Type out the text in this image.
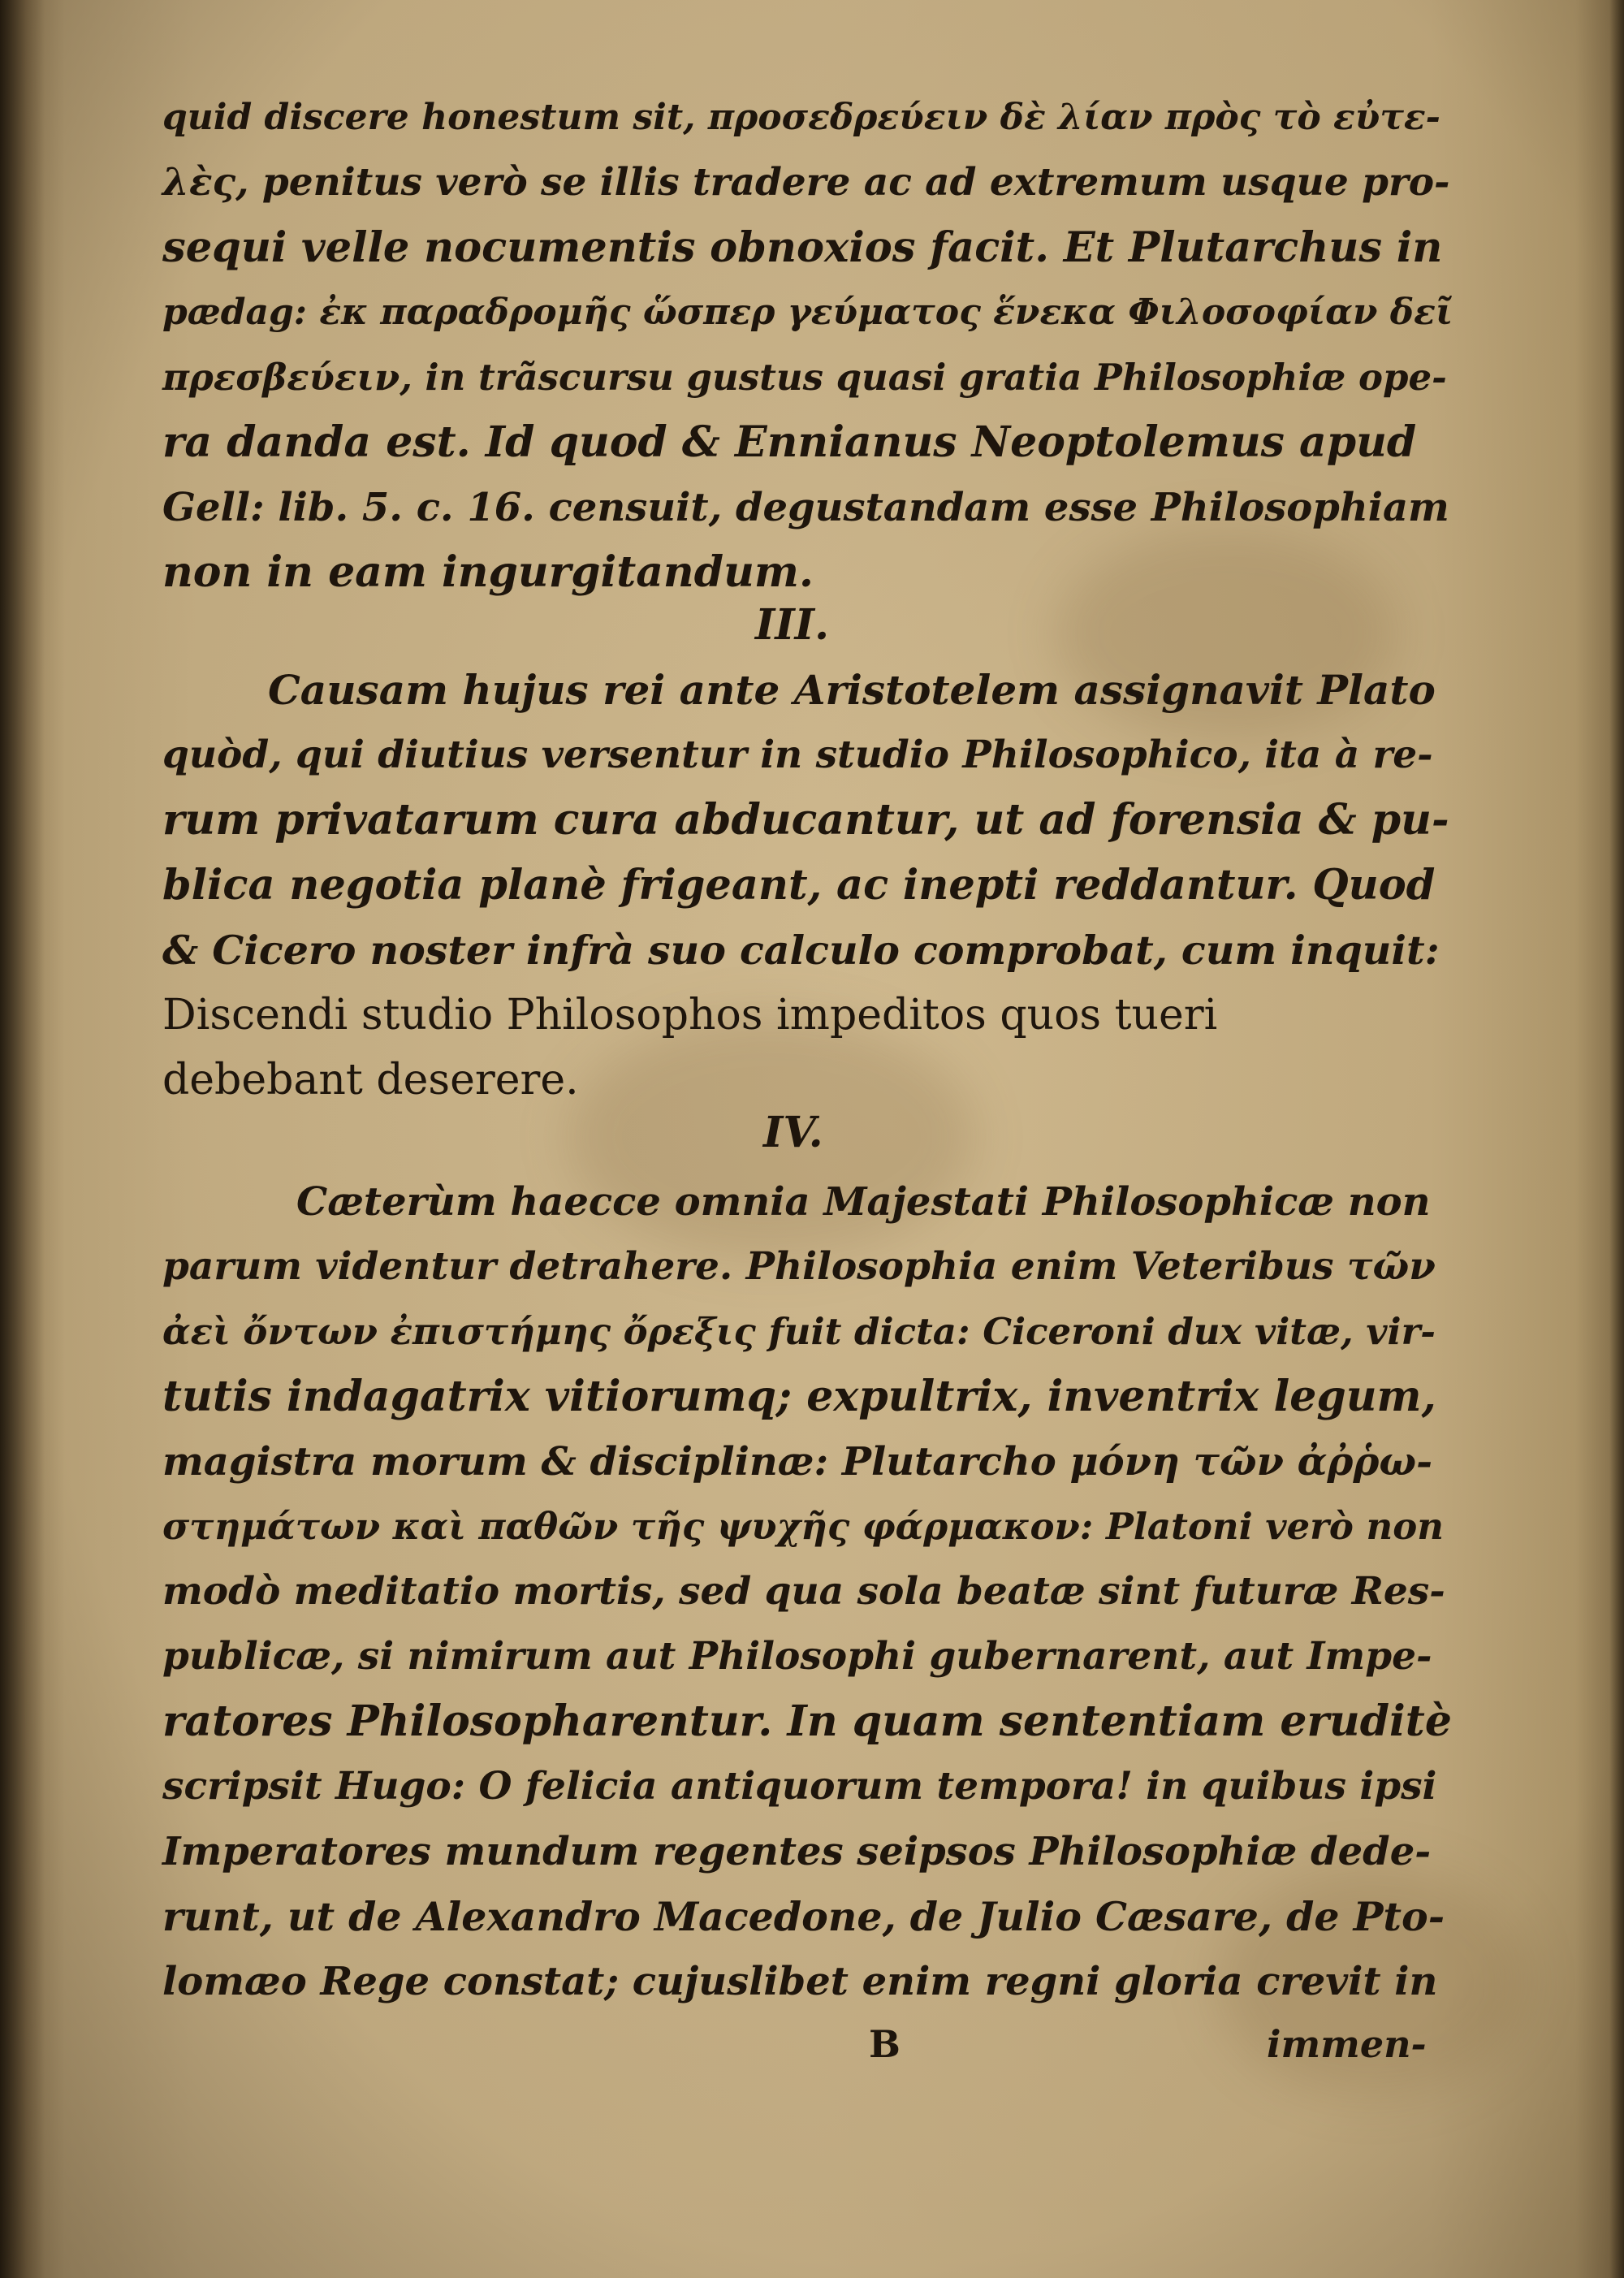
quid discere honestum sit, προσεδρεύειν δὲ λίαν πρὸς τὸ εὐτε-
λὲς, penitus verò se illis tradere ac ad extremum usque pro-
sequi velle nocumentis obnoxios facit. Et Plutarchus in
pædag: ἐκ παραδρομῆς ὥσπερ γεύματος ἕνεκα Φιλοσοφίαν δεῖ
πρεσβεύειν, in trãscursu gustus quasi gratia Philosophiæ ope-
ra danda est. Id quod & Ennianus Neoptolemus apud
Gell: lib. 5. c. 16. censuit, degustandam esse Philosophiam
non in eam ingurgitandum.
III.
Causam hujus rei ante Aristotelem assignavit Plato
quòd, qui diutius versentur in studio Philosophico, ita à re-
rum privatarum cura abducantur, ut ad forensia & pu-
blica negotia planè frigeant, ac inepti reddantur. Quod
& Cicero noster infrà suo calculo comprobat, cum inquit:
Discendi studio Philosophos impeditos quos tueri
debebant deserere.
IV.
Cæterùm haecce omnia Majestati Philosophicæ non
parum videntur detrahere. Philosophia enim Veteribus τῶν
ἀεὶ ὄντων ἐπιστήμης ὄρεξις fuit dicta: Ciceroni dux vitæ, vir-
tutis indagatrix vitiorumq; expultrix, inventrix legum,
magistra morum & disciplinæ: Plutarcho μόνη τῶν ἀῤῥω-
στημάτων καὶ παθῶν τῆς ψυχῆς φάρμακον: Platoni verò non
modò meditatio mortis, sed qua sola beatæ sint futuræ Res-
publicæ, si nimirum aut Philosophi gubernarent, aut Impe-
ratores Philosopharentur. In quam sententiam eruditè
scripsit Hugo: O felicia antiquorum tempora! in quibus ipsi
Imperatores mundum regentes seipsos Philosophiæ dede-
runt, ut de Alexandro Macedone, de Julio Cæsare, de Pto-
lomæo Rege constat; cujuslibet enim regni gloria crevit in
B	immen-
